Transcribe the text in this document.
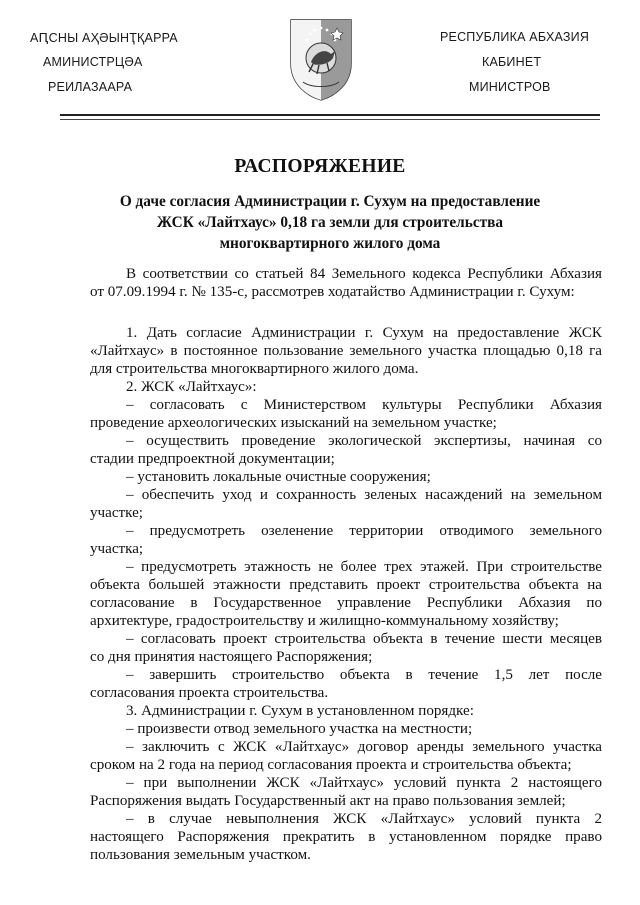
АԤСНЫ АҲӘЫНҬҚАРРА
АМИНИСТРЦӘА
РЕИЛАЗААРА
РЕСПУБЛИКА АБХАЗИЯ
КАБИНЕТ
МИНИСТРОВ
РАСПОРЯЖЕНИЕ
О даче согласия Администрации г. Сухум на предоставление
ЖСК «Лайтхаус» 0,18 га земли для строительства
многоквартирного жилого дома
В соответствии со статьей 84 Земельного кодекса Республики Абхазия
от 07.09.1994 г. № 135-с, рассмотрев ходатайство Администрации г. Сухум:
1. Дать согласие Администрации г. Сухум на предоставление ЖСК
«Лайтхаус» в постоянное пользование земельного участка площадью 0,18 га
для строительства многоквартирного жилого дома.
2. ЖСК «Лайтхаус»:
– согласовать с Министерством культуры Республики Абхазия
проведение археологических изысканий на земельном участке;
– осуществить проведение экологической экспертизы, начиная со
стадии предпроектной документации;
– установить локальные очистные сооружения;
– обеспечить уход и сохранность зеленых насаждений на земельном
участке;
– предусмотреть озеленение территории отводимого земельного
участка;
– предусмотреть этажность не более трех этажей. При строительстве
объекта большей этажности представить проект строительства объекта на
согласование в Государственное управление Республики Абхазия по
архитектуре, градостроительству и жилищно-коммунальному хозяйству;
– согласовать проект строительства объекта в течение шести месяцев
со дня принятия настоящего Распоряжения;
– завершить строительство объекта в течение 1,5 лет после
согласования проекта строительства.
3. Администрации г. Сухум в установленном порядке:
– произвести отвод земельного участка на местности;
– заключить с ЖСК «Лайтхаус» договор аренды земельного участка
сроком на 2 года на период согласования проекта и строительства объекта;
– при выполнении ЖСК «Лайтхаус» условий пункта 2 настоящего
Распоряжения выдать Государственный акт на право пользования землей;
– в случае невыполнения ЖСК «Лайтхаус» условий пункта 2
настоящего Распоряжения прекратить в установленном порядке право
пользования земельным участком.
